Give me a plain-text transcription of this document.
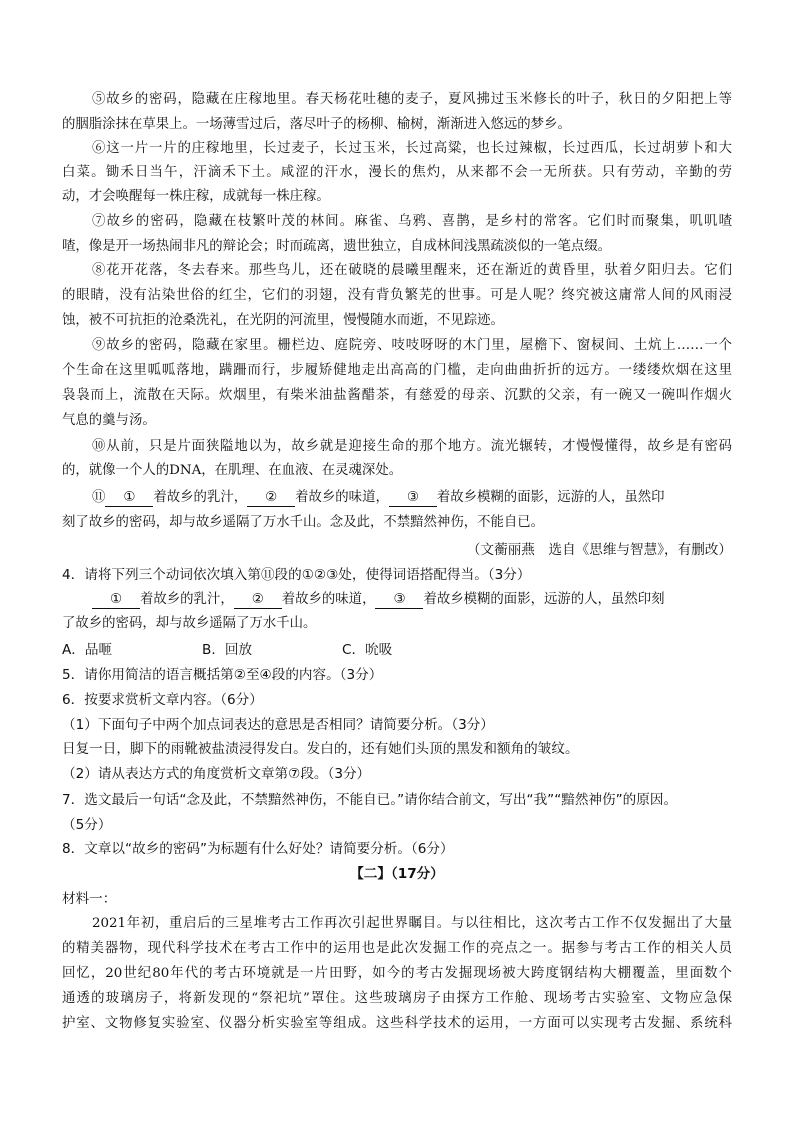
⑤故乡的密码，隐藏在庄稼地里。春天杨花吐穗的麦子，夏风拂过玉米修长的叶子，秋日的夕阳把上等
的胭脂涂抹在草果上。一场薄雪过后，落尽叶子的杨柳、榆树，渐渐进入悠远的梦乡。
⑥这一片一片的庄稼地里，长过麦子，长过玉米，长过高粱，也长过辣椒，长过西瓜，长过胡萝卜和大
白菜。锄禾日当午，汗滴禾下土。咸涩的汗水，漫长的焦灼，从来都不会一无所获。只有劳动，辛勤的劳
动，才会唤醒每一株庄稼，成就每一株庄稼。
⑦故乡的密码，隐藏在枝繁叶茂的林间。麻雀、乌鸦、喜鹊，是乡村的常客。它们时而聚集，叽叽喳
喳，像是开一场热闹非凡的辩论会；时而疏离，遗世独立，自成林间浅黑疏淡似的一笔点缀。
⑧花开花落，冬去春来。那些鸟儿，还在破晓的晨曦里醒来，还在渐近的黄昏里，驮着夕阳归去。它们
的眼睛，没有沾染世俗的红尘，它们的羽翅，没有背负繁芜的世事。可是人呢？终究被这庸常人间的风雨浸
蚀，被不可抗拒的沧桑洗礼，在光阴的河流里，慢慢随水而逝，不见踪迹。
⑨故乡的密码，隐藏在家里。栅栏边、庭院旁、吱吱呀呀的木门里，屋檐下、窗棂间、土炕上……一个
个生命在这里呱呱落地，蹒跚而行，步履矫健地走出高高的门槛，走向曲曲折折的远方。一缕缕炊烟在这里
袅袅而上，流散在天际。炊烟里，有柴米油盐酱醋茶，有慈爱的母亲、沉默的父亲，有一碗又一碗叫作烟火
气息的羹与汤。
⑩从前，只是片面狭隘地以为，故乡就是迎接生命的那个地方。流光辗转，才慢慢懂得，故乡是有密码
的，就像一个人的DNA，在肌理、在血液、在灵魂深处。
⑪ ① 着故乡的乳汁， ② 着故乡的味道， ③ 着故乡模糊的面影，远游的人，虽然印
刻了故乡的密码，却与故乡遥隔了万水千山。念及此，不禁黯然神伤，不能自已。
（文蘅丽燕　选自《思维与智慧》，有删改）
4．请将下列三个动词依次填入第⑪段的①②③处，使得词语搭配得当。（3分）
① 着故乡的乳汁， ② 着故乡的味道， ③ 着故乡模糊的面影，远游的人，虽然印刻
了故乡的密码，却与故乡遥隔了万水千山。
A．品咂	B．回放	C．吮吸
5．请你用简洁的语言概括第②至④段的内容。（3分）
6．按要求赏析文章内容。（6分）
（1）下面句子中两个加点词表达的意思是否相同？请简要分析。（3分）
日复一日，脚下的雨靴被盐渍浸得发白。发白的，还有她们头顶的黑发和额角的皱纹。
（2）请从表达方式的角度赏析文章第⑦段。（3分）
7．选文最后一句话“念及此，不禁黯然神伤，不能自已。”请你结合前文，写出“我”“黯然神伤”的原因。
（5分）
8．文章以“故乡的密码”为标题有什么好处？请简要分析。（6分）
【二】（17分）
材料一：
2021年初，重启后的三星堆考古工作再次引起世界瞩目。与以往相比，这次考古工作不仅发掘出了大量
的精美器物，现代科学技术在考古工作中的运用也是此次发掘工作的亮点之一。据参与考古工作的相关人员
回忆，20世纪80年代的考古环境就是一片田野，如今的考古发掘现场被大跨度钢结构大棚覆盖，里面数个
通透的玻璃房子，将新发现的“祭祀坑”罩住。这些玻璃房子由探方工作舱、现场考古实验室、文物应急保
护室、文物修复实验室、仪器分析实验室等组成。这些科学技术的运用，一方面可以实现考古发掘、系统科
